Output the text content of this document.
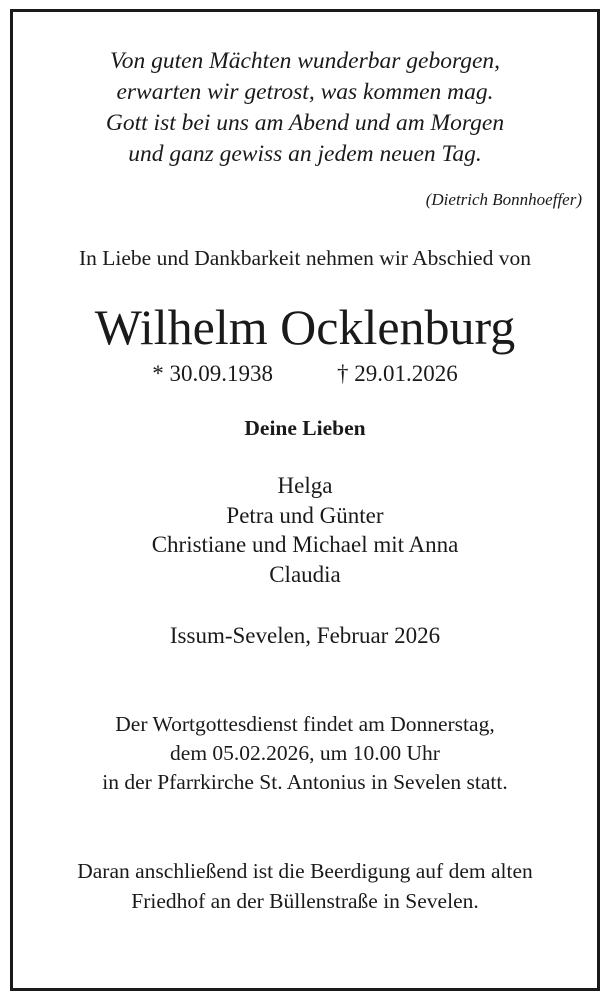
Von guten Mächten wunderbar geborgen,
erwarten wir getrost, was kommen mag.
Gott ist bei uns am Abend und am Morgen
und ganz gewiss an jedem neuen Tag.
(Dietrich Bonnhoeffer)
In Liebe und Dankbarkeit nehmen wir Abschied von
Wilhelm Ocklenburg
* 30.09.1938	† 29.01.2026
Deine Lieben
Helga
Petra und Günter
Christiane und Michael mit Anna
Claudia
Issum-Sevelen, Februar 2026
Der Wortgottesdienst findet am Donnerstag,
dem 05.02.2026, um 10.00 Uhr
in der Pfarrkirche St. Antonius in Sevelen statt.
Daran anschließend ist die Beerdigung auf dem alten
Friedhof an der Büllenstraße in Sevelen.
